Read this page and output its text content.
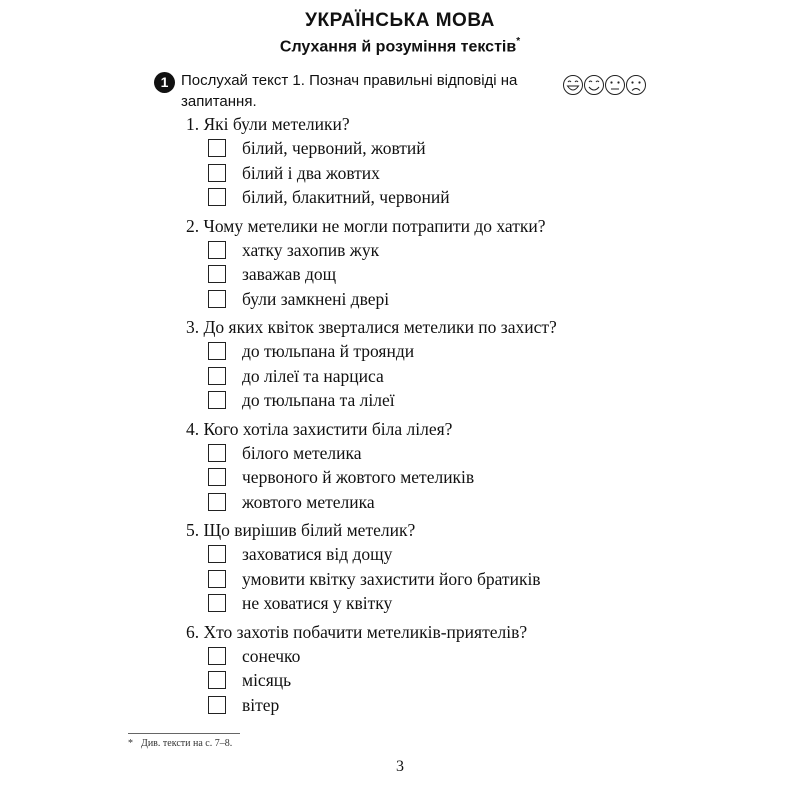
УКРАЇНСЬКА МОВА
Слухання й розуміння текстів*
1 Послухай текст 1. Познач правильні відповіді на запитання.
1. Які були метелики?
білий, червоний, жовтий
білий і два жовтих
білий, блакитний, червоний
2. Чому метелики не могли потрапити до хатки?
хатку захопив жук
заважав дощ
були замкнені двері
3. До яких квіток зверталися метелики по захист?
до тюльпана й троянди
до лілеї та нарциса
до тюльпана та лілеї
4. Кого хотіла захистити біла лілея?
білого метелика
червоного й жовтого метеликів
жовтого метелика
5. Що вирішив білий метелик?
заховатися від дощу
умовити квітку захистити його братиків
не ховатися у квітку
6. Хто захотів побачити метеликів-приятелів?
сонечко
місяць
вітер
* Див. тексти на с. 7–8.
3
